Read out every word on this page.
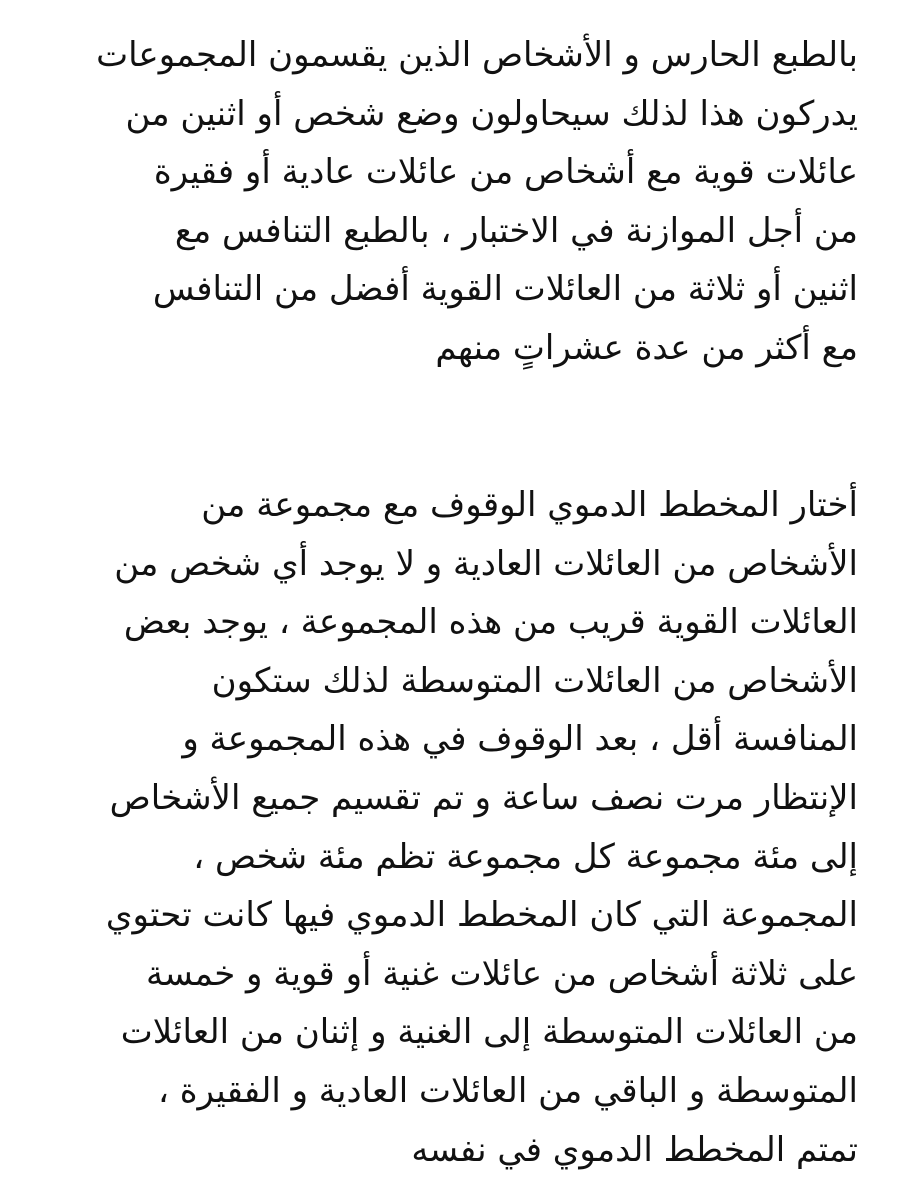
بالطبع الحارس و الأشخاص الذين يقسمون المجموعات
يدركون هذا لذلك سيحاولون وضع شخص أو اثنين من
عائلات قوية مع أشخاص من عائلات عادية أو فقيرة
من أجل الموازنة في الاختبار ، بالطبع التنافس مع
اثنين أو ثلاثة من العائلات القوية أفضل من التنافس
مع أكثر من عدة عشراتٍ منهم
أختار المخطط الدموي الوقوف مع مجموعة من
الأشخاص من العائلات العادية و لا يوجد أي شخص من
العائلات القوية قريب من هذه المجموعة ، يوجد بعض
الأشخاص من العائلات المتوسطة لذلك ستكون
المنافسة أقل ، بعد الوقوف في هذه المجموعة و
الإنتظار مرت نصف ساعة و تم تقسيم جميع الأشخاص
إلى مئة مجموعة كل مجموعة تظم مئة شخص ،
المجموعة التي كان المخطط الدموي فيها كانت تحتوي
على ثلاثة أشخاص من عائلات غنية أو قوية و خمسة
من العائلات المتوسطة إلى الغنية و إثنان من العائلات
المتوسطة و الباقي من العائلات العادية و الفقيرة ،
تمتم المخطط الدموي في نفسه
